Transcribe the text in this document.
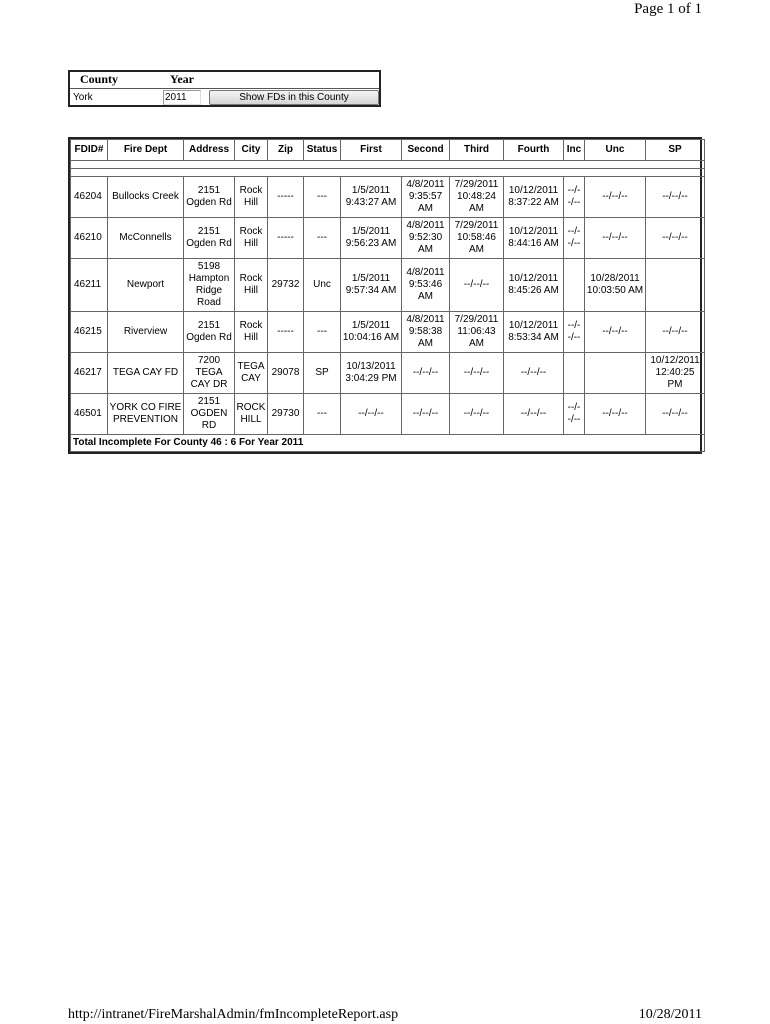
Page 1 of 1
County	Year
York	2011	Show FDs in this County
FDID#	Fire Dept	Address	City	Zip	Status	First	Second	Third	Fourth	Inc	Unc	SP

46204	Bullocks Creek	2151 Ogden Rd	Rock Hill	-----	---	1/5/2011 9:43:27 AM	4/8/2011 9:35:57 AM	7/29/2011 10:48:24 AM	10/12/2011 8:37:22 AM	--/--/--	--/--/--	--/--/--
46210	McConnells	2151 Ogden Rd	Rock Hill	-----	---	1/5/2011 9:56:23 AM	4/8/2011 9:52:30 AM	7/29/2011 10:58:46 AM	10/12/2011 8:44:16 AM	--/--/--	--/--/--	--/--/--
46211	Newport	5198 Hampton Ridge Road	Rock Hill	29732	Unc	1/5/2011 9:57:34 AM	4/8/2011 9:53:46 AM	--/--/--	10/12/2011 8:45:26 AM		10/28/2011 10:03:50 AM	
46215	Riverview	2151 Ogden Rd	Rock Hill	-----	---	1/5/2011 10:04:16 AM	4/8/2011 9:58:38 AM	7/29/2011 11:06:43 AM	10/12/2011 8:53:34 AM	--/--/--	--/--/--	--/--/--
46217	TEGA CAY FD	7200 TEGA CAY DR	TEGA CAY	29078	SP	10/13/2011 3:04:29 PM	--/--/--	--/--/--	--/--/--			10/12/2011 12:40:25 PM
46501	YORK CO FIRE PREVENTION	2151 OGDEN RD	ROCK HILL	29730	---	--/--/--	--/--/--	--/--/--	--/--/--	--/--/--	--/--/--	--/--/--
Total Incomplete For County 46 : 6 For Year 2011												
http://intranet/FireMarshalAdmin/fmIncompleteReport.asp	10/28/2011
